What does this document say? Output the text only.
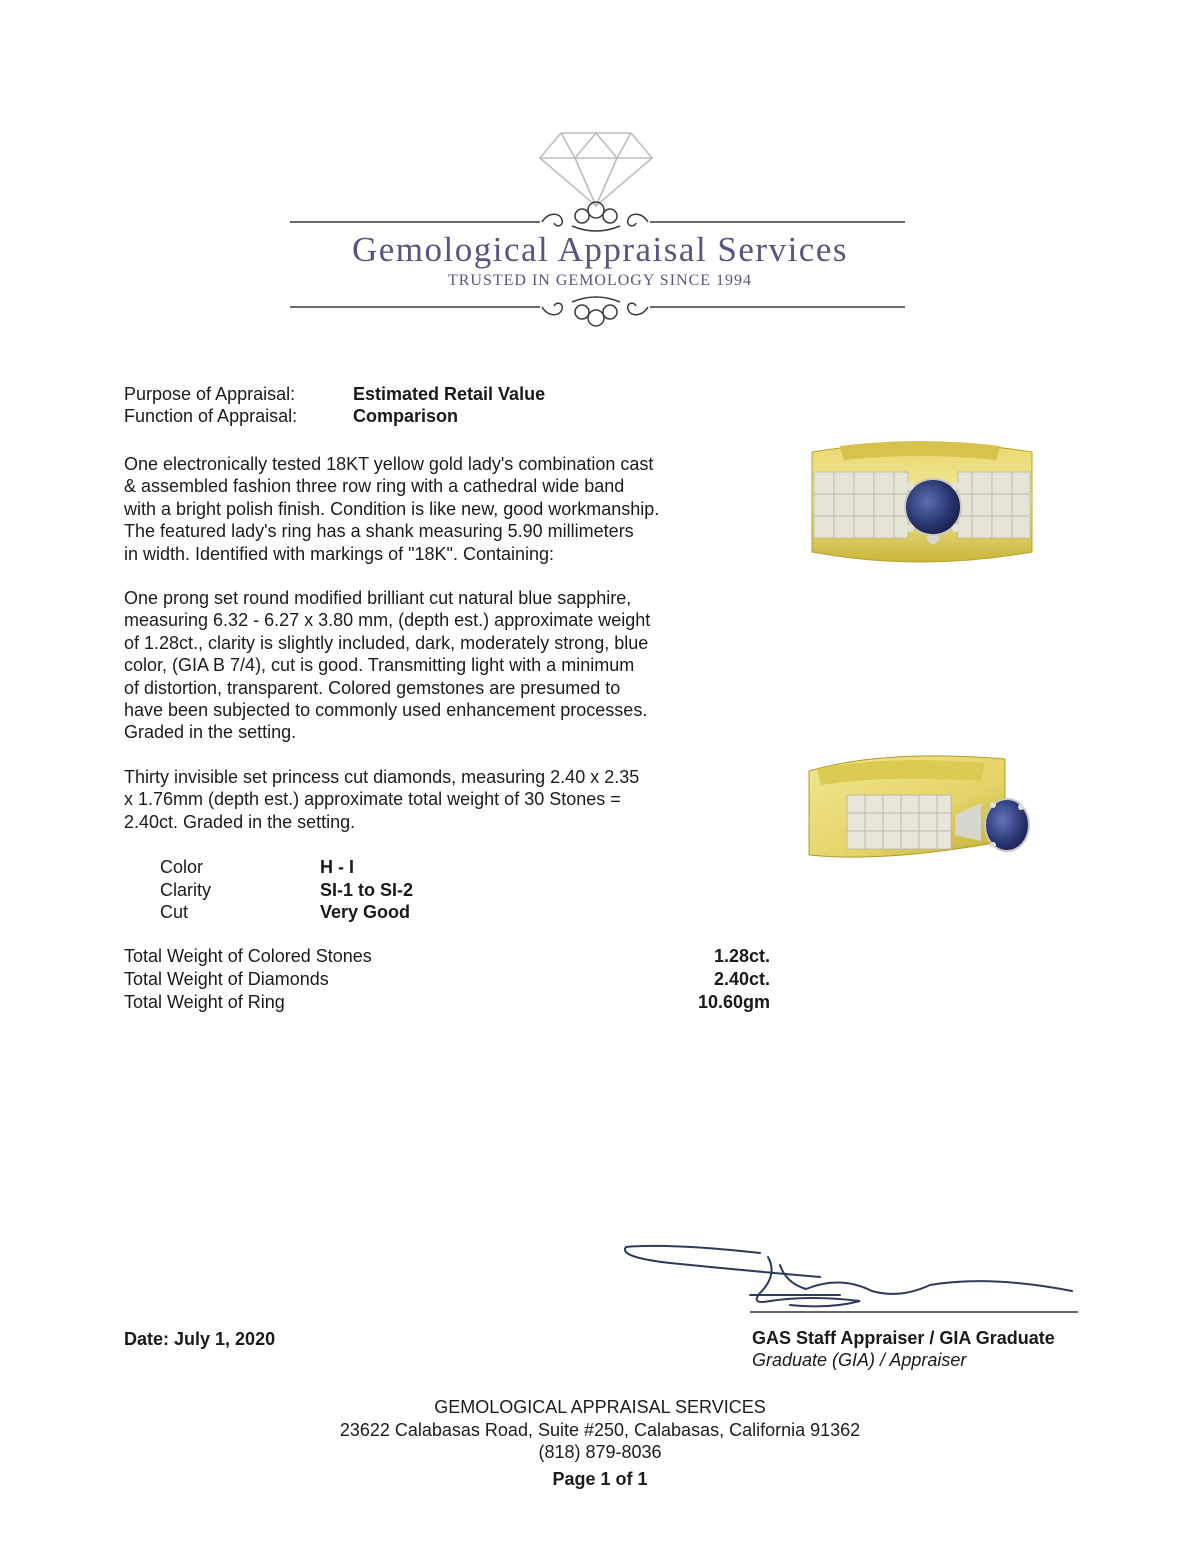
Gemological Appraisal Services
TRUSTED IN GEMOLOGY SINCE 1994
Purpose of Appraisal:	Estimated Retail Value
Function of Appraisal:	Comparison
One electronically tested 18KT yellow gold lady's combination cast
& assembled fashion three row ring with a cathedral wide band
with a bright polish finish. Condition is like new, good workmanship.
The featured lady's ring has a shank measuring 5.90 millimeters
in width. Identified with markings of "18K". Containing:
One prong set round modified brilliant cut natural blue sapphire,
measuring 6.32 - 6.27 x 3.80 mm, (depth est.) approximate weight
of 1.28ct., clarity is slightly included, dark, moderately strong, blue
color, (GIA B 7/4), cut is good. Transmitting light with a minimum
of distortion, transparent. Colored gemstones are presumed to
have been subjected to commonly used enhancement processes.
Graded in the setting.
Thirty invisible set princess cut diamonds, measuring 2.40 x 2.35
x 1.76mm (depth est.) approximate total weight of 30 Stones =
2.40ct. Graded in the setting.
Color	H - I
Clarity	SI-1 to SI-2
Cut	Very Good
Total Weight of Colored Stones	1.28ct.
Total Weight of Diamonds	2.40ct.
Total Weight of Ring	10.60gm
Date: July 1, 2020	GAS Staff Appraiser / GIA Graduate
Graduate (GIA) / Appraiser
GEMOLOGICAL APPRAISAL SERVICES
23622 Calabasas Road, Suite #250, Calabasas, California 91362
(818) 879-8036
Page 1 of 1
